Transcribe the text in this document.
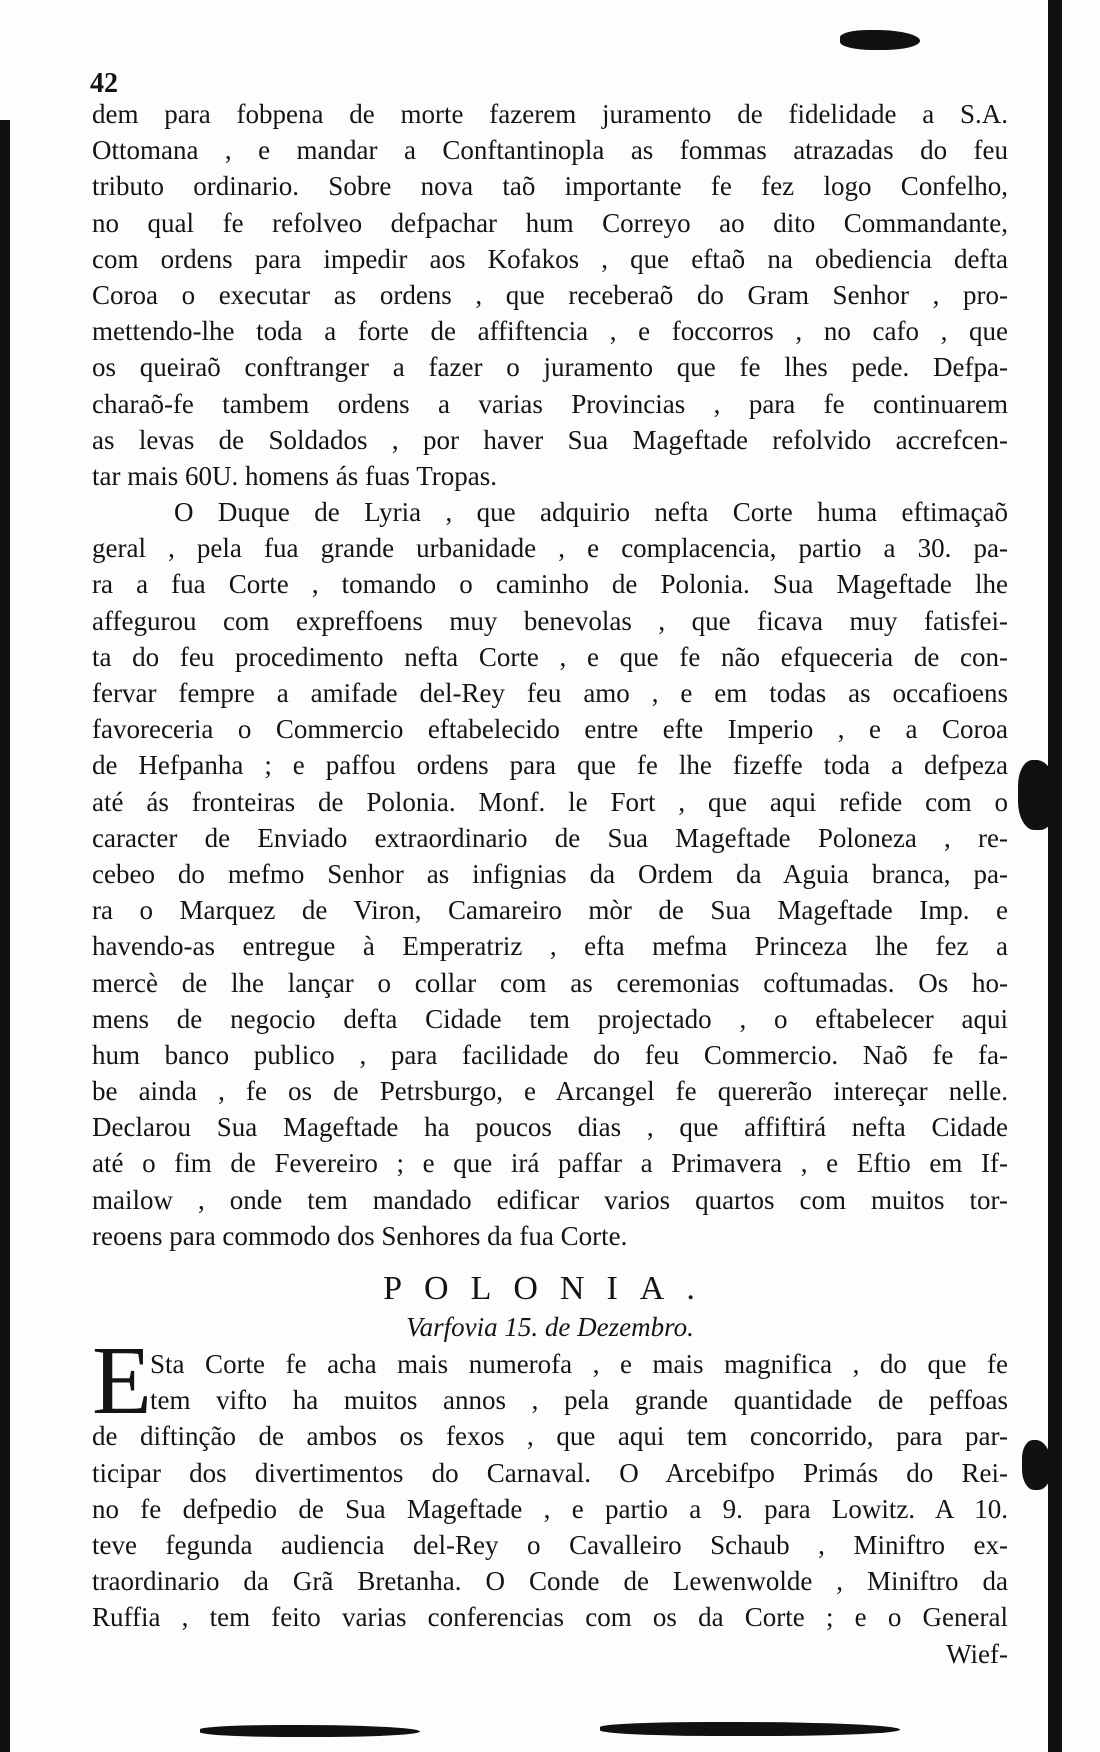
42
dem para fobpena de morte fazerem juramento de fidelidade a S.A.
Ottomana , e mandar a Conftantinopla as fommas atrazadas do feu
tributo ordinario. Sobre nova taõ importante fe fez logo Confelho,
no qual fe refolveo defpachar hum Correyo ao dito Commandante,
com ordens para impedir aos Kofakos , que eftaõ na obediencia defta
Coroa o executar as ordens , que receberaõ do Gram Senhor , pro-
mettendo-lhe toda a forte de affiftencia , e foccorros , no cafo , que
os queiraõ conftranger a fazer o juramento que fe lhes pede. Defpa-
charaõ-fe tambem ordens a varias Provincias , para fe continuarem
as levas de Soldados , por haver Sua Mageftade refolvido accrefcen-
tar mais 60U. homens ás fuas Tropas.
O Duque de Lyria , que adquirio nefta Corte huma eftimaçaõ
geral , pela fua grande urbanidade , e complacencia, partio a 30. pa-
ra a fua Corte , tomando o caminho de Polonia. Sua Mageftade lhe
affegurou com expreffoens muy benevolas , que ficava muy fatisfei-
ta do feu procedimento nefta Corte , e que fe não efqueceria de con-
fervar fempre a amifade del-Rey feu amo , e em todas as occafioens
favoreceria o Commercio eftabelecido entre efte Imperio , e a Coroa
de Hefpanha ; e paffou ordens para que fe lhe fizeffe toda a defpeza
até ás fronteiras de Polonia. Monf. le Fort , que aqui refide com o
caracter de Enviado extraordinario de Sua Mageftade Poloneza , re-
cebeo do mefmo Senhor as infignias da Ordem da Aguia branca, pa-
ra o Marquez de Viron, Camareiro mòr de Sua Mageftade Imp. e
havendo-as entregue à Emperatriz , efta mefma Princeza lhe fez a
mercè de lhe lançar o collar com as ceremonias coftumadas. Os ho-
mens de negocio defta Cidade tem projectado , o eftabelecer aqui
hum banco publico , para facilidade do feu Commercio. Naõ fe fa-
be ainda , fe os de Petrsburgo, e Arcangel fe quererão intereçar nelle.
Declarou Sua Mageftade ha poucos dias , que affiftirá nefta Cidade
até o fim de Fevereiro ; e que irá paffar a Primavera , e Eftio em If-
mailow , onde tem mandado edificar varios quartos com muitos tor-
reoens para commodo dos Senhores da fua Corte.
POLONIA.
Varfovia 15. de Dezembro.
E
Sta Corte fe acha mais numerofa , e mais magnifica , do que fe
tem vifto ha muitos annos , pela grande quantidade de peffoas
de diftinção de ambos os fexos , que aqui tem concorrido, para par-
ticipar dos divertimentos do Carnaval. O Arcebifpo Primás do Rei-
no fe defpedio de Sua Mageftade , e partio a 9. para Lowitz. A 10.
teve fegunda audiencia del-Rey o Cavalleiro Schaub , Miniftro ex-
traordinario da Grã Bretanha. O Conde de Lewenwolde , Miniftro da
Ruffia , tem feito varias conferencias com os da Corte ; e o General
Wief-
